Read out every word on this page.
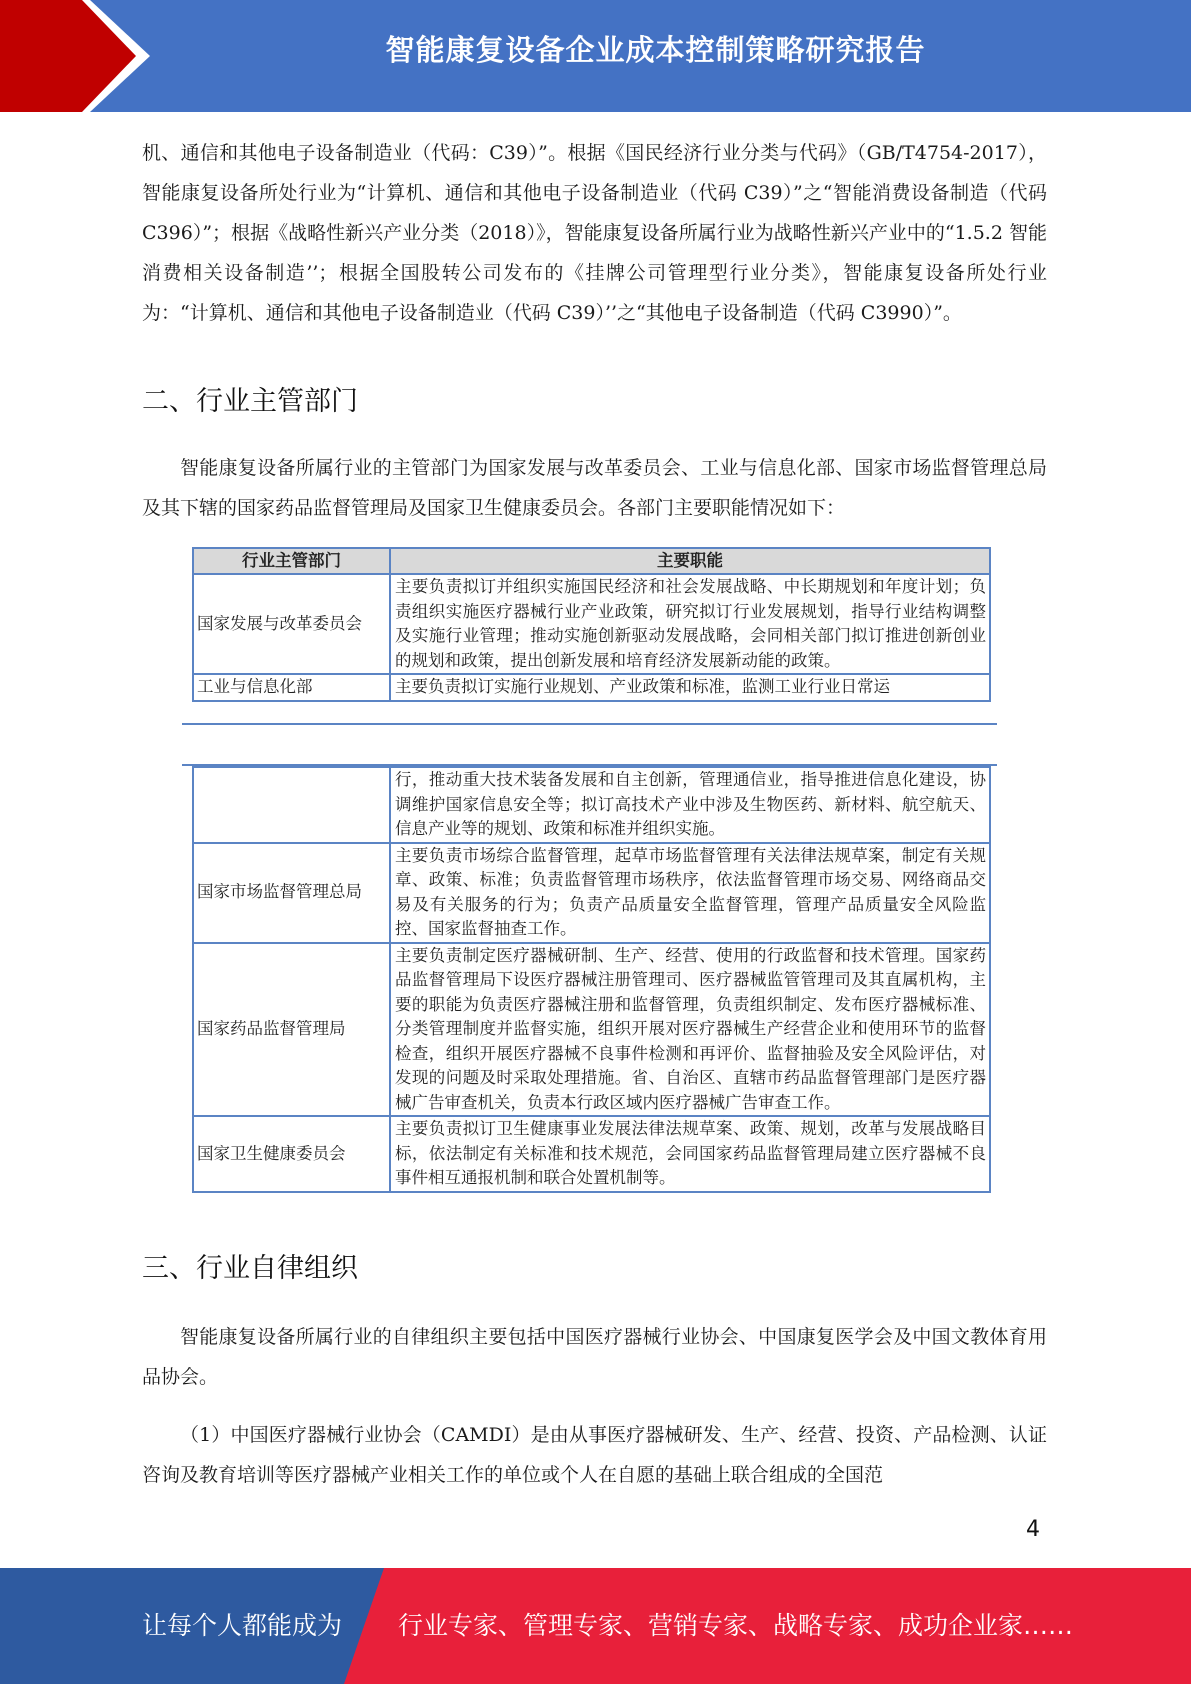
智能康复设备企业成本控制策略研究报告

机、通信和其他电子设备制造业（代码：C39）”。根据《国民经济行业分类与代码》（GB/T4754-2017），智能康复设备所处行业为“计算机、通信和其他电子设备制造业（代码 C39）”之“智能消费设备制造（代码 C396）”；根据《战略性新兴产业分类（2018）》，智能康复设备所属行业为战略性新兴产业中的“1.5.2 智能消费相关设备制造’’；根据全国股转公司发布的《挂牌公司管理型行业分类》，智能康复设备所处行业为：“计算机、通信和其他电子设备制造业（代码 C39）’’之“其他电子设备制造（代码 C3990）”。

二、行业主管部门

智能康复设备所属行业的主管部门为国家发展与改革委员会、工业与信息化部、国家市场监督管理总局及其下辖的国家药品监督管理局及国家卫生健康委员会。各部门主要职能情况如下：

行业主管部门	主要职能
国家发展与改革委员会	主要负责拟订并组织实施国民经济和社会发展战略、中长期规划和年度计划；负责组织实施医疗器械行业产业政策，研究拟订行业发展规划，指导行业结构调整及实施行业管理；推动实施创新驱动发展战略，会同相关部门拟订推进创新创业的规划和政策，提出创新发展和培育经济发展新动能的政策。
工业与信息化部	主要负责拟订实施行业规划、产业政策和标准，监测工业行业日常运
	行，推动重大技术装备发展和自主创新，管理通信业，指导推进信息化建设，协调维护国家信息安全等；拟订高技术产业中涉及生物医药、新材料、航空航天、信息产业等的规划、政策和标准并组织实施。
国家市场监督管理总局	主要负责市场综合监督管理，起草市场监督管理有关法律法规草案，制定有关规章、政策、标准；负责监督管理市场秩序，依法监督管理市场交易、网络商品交易及有关服务的行为；负责产品质量安全监督管理，管理产品质量安全风险监控、国家监督抽查工作。
国家药品监督管理局	主要负责制定医疗器械研制、生产、经营、使用的行政监督和技术管理。国家药品监督管理局下设医疗器械注册管理司、医疗器械监管管理司及其直属机构，主要的职能为负责医疗器械注册和监督管理，负责组织制定、发布医疗器械标准、分类管理制度并监督实施，组织开展对医疗器械生产经营企业和使用环节的监督检查，组织开展医疗器械不良事件检测和再评价、监督抽验及安全风险评估，对发现的问题及时采取处理措施。省、自治区、直辖市药品监督管理部门是医疗器械广告审查机关，负责本行政区域内医疗器械广告审查工作。
国家卫生健康委员会	主要负责拟订卫生健康事业发展法律法规草案、政策、规划，改革与发展战略目标，依法制定有关标准和技术规范，会同国家药品监督管理局建立医疗器械不良事件相互通报机制和联合处置机制等。
三、行业自律组织

智能康复设备所属行业的自律组织主要包括中国医疗器械行业协会、中国康复医学会及中国文教体育用品协会。

（1）中国医疗器械行业协会（CAMDI）是由从事医疗器械研发、生产、经营、投资、产品检测、认证咨询及教育培训等医疗器械产业相关工作的单位或个人在自愿的基础上联合组成的全国范

4
让每个人都能成为 行业专家、管理专家、营销专家、战略专家、成功企业家……
